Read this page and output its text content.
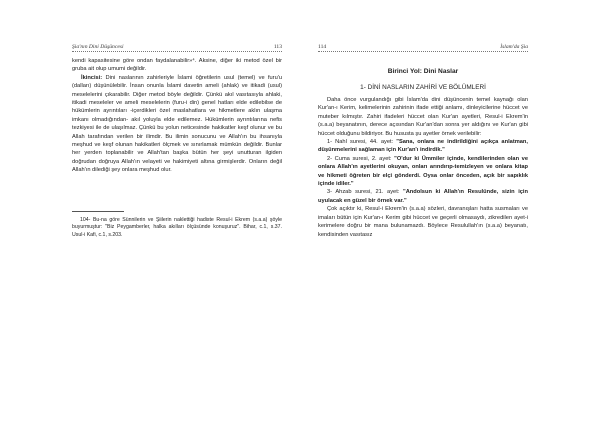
Şia'nın Dini Düşüncesi	113

kendi kapasitesine göre ondan faydalanabilir»⁴. Aksine, diğer iki metod özel bir gruba ait olup umumi değildir.

İkincisi: Dini naslarının zahirleriyle İslami öğretilerin usul (temel) ve furu'u (dalları) düşünülebilir. İnsan onunla İslami davetin ameli (ahlak) ve itikadi (usul) meselelerini çıkarabilir. Diğer metod böyle değildir. Çünkü akıl vasıtasıyla ahlaki, itikadi meseleler ve ameli meselelerin (furu-i din) genel hatları elde edilebilse de hükümlerin ayrıntıları -içerdikleri özel maslahatlara ve hikmetlere aklın ulaşma imkanı olmadığından- akıl yoluyla elde edilemez. Hükümlerin ayrıntılarına nefis tezkiyesi ile de ulaşılmaz. Çünkü bu yolun neticesinde hakikatler keşf olunur ve bu Allah tarafından verilen bir ilimdir. Bu ilimin sonucunu ve Allah'ın bu ihsanıyla meşhud ve keşf olunan hakikatleri ölçmek ve sınırlamak mümkün değildir. Bunlar her yerden toplanabilir ve Allah'tan başka bütün her şeyi unutturan ilgiden doğrudan doğruya Allah'ın velayeti ve hakimiyeti altına girmişlerdir. Onların değil Allah'ın dilediği şey onlara meşhud olur.

104- Bu-na göre Sünnilerin ve Şiilerin naklettiği hadiste Resul-i Ekrem (s.a.a) şöyle buyurmuştur: "Biz Peygamberler, halka akılları ölçüsünde konuşuruz". Bihar, c.1, s.37. Usul-i Kafi, c.1, s.203.
114	İslam'da Şia
Birinci Yol: Dini Naslar
1- DİNİ NASLARIN ZAHİRİ VE BÖLÜMLERİ

Daha önce vurgulandığı gibi İslam'da dini düşüncenin temel kaynağı olan Kur'an-ı Kerim, kelimelerinin zahirinin ifade ettiği anlamı, dinleyicilerine hüccet ve muteber kılmıştır. Zahiri ifadeleri hüccet olan Kur'an ayetleri, Resul-i Ekrem'in (s.a.a) beyanatının, derece açısından Kur'an'dan sonra yer aldığını ve Kur'an gibi hüccet olduğunu bildiriyor. Bu hususta şu ayetler örnek verilebilir:

1- Nahl suresi, 44. ayet: "Sana, onlara ne indirildiğini açıkça anlatman, düşünmelerini sağlaman için Kur'an'ı indirdik."

2- Cuma suresi, 2. ayet: "O'dur ki Ümmiler içinde, kendilerinden olan ve onlara Allah'ın ayetlerini okuyan, onları arındırıp-temizleyen ve onlara kitap ve hikmeti öğreten bir elçi gönderdi. Oysa onlar önceden, açık bir sapıklık içinde idiler."

3- Ahzab suresi, 21. ayet: "Andolsun ki Allah'ın Resulünde, sizin için uyulacak en güzel bir örnek var."

Çok açıktır ki, Resul-i Ekrem'in (s.a.a) sözleri, davranışları hatta susmaları ve imaları bütün için Kur'an-ı Kerim gibi hüccet ve geçerli olmasaydı, zikredilen ayet-i kerimelere doğru bir mana bulunamazdı. Böylece Resulullah'ın (s.a.a) beyanatı, kendisinden vasıtasız
